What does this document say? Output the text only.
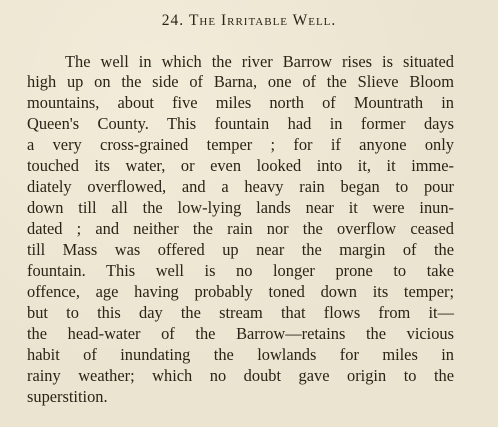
24. The Irritable Well.
The well in which the river Barrow rises is situated
high up on the side of Barna, one of the Slieve Bloom
mountains, about five miles north of Mountrath in
Queen's County. This fountain had in former days
a very cross-grained temper ; for if anyone only
touched its water, or even looked into it, it imme-
diately overflowed, and a heavy rain began to pour
down till all the low-lying lands near it were inun-
dated ; and neither the rain nor the overflow ceased
till Mass was offered up near the margin of the
fountain. This well is no longer prone to take
offence, age having probably toned down its temper;
but to this day the stream that flows from it—
the head-water of the Barrow—retains the vicious
habit of inundating the lowlands for miles in
rainy weather; which no doubt gave origin to the
superstition.
